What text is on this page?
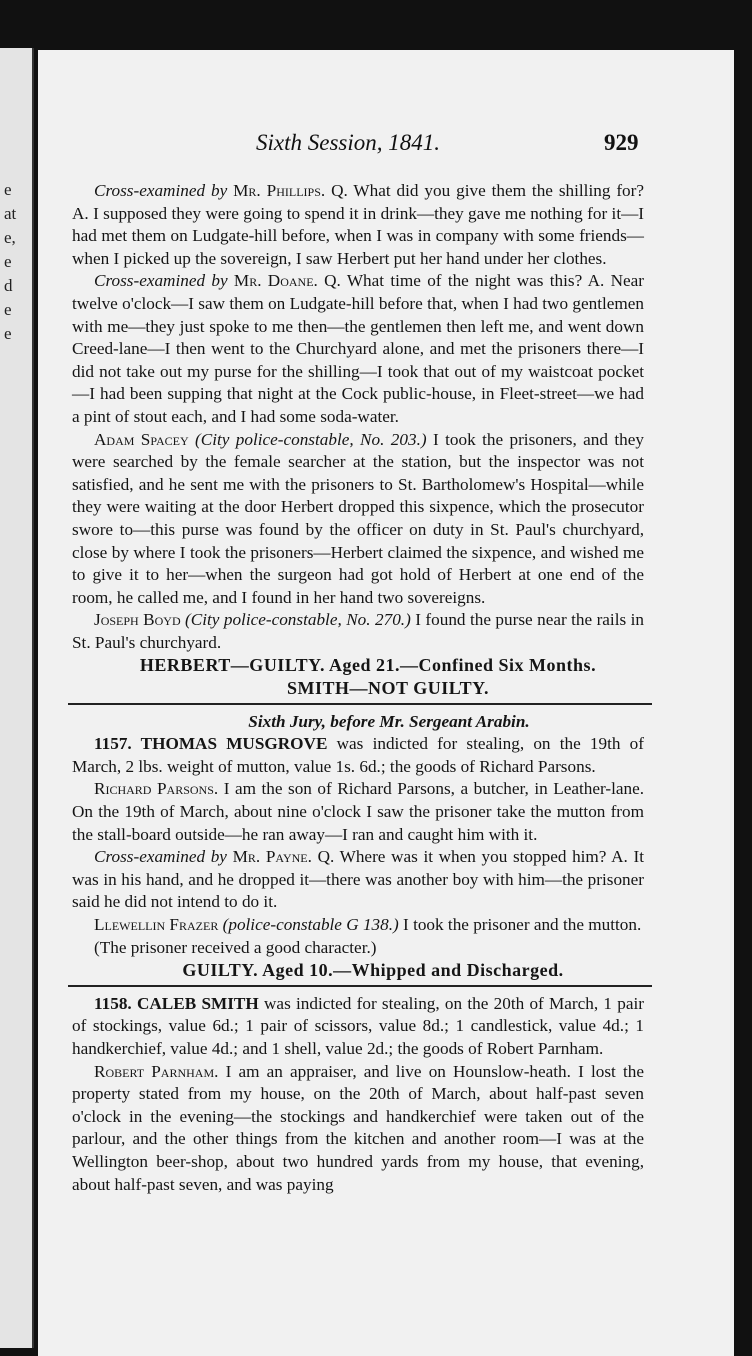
e
at
e,
e
d
e
e
Sixth Session, 1841.	929

Cross-examined by Mr. Phillips. Q. What did you give them the shilling for? A. I supposed they were going to spend it in drink—they gave me nothing for it—I had met them on Ludgate-hill before, when I was in company with some friends—when I picked up the sovereign, I saw Herbert put her hand under her clothes.

Cross-examined by Mr. Doane. Q. What time of the night was this? A. Near twelve o'clock—I saw them on Ludgate-hill before that, when I had two gentlemen with me—they just spoke to me then—the gentlemen then left me, and went down Creed-lane—I then went to the Churchyard alone, and met the prisoners there—I did not take out my purse for the shilling—I took that out of my waistcoat pocket—I had been supping that night at the Cock public-house, in Fleet-street—we had a pint of stout each, and I had some soda-water.

Adam Spacey (City police-constable, No. 203.) I took the prisoners, and they were searched by the female searcher at the station, but the inspector was not satisfied, and he sent me with the prisoners to St. Bartholomew's Hospital—while they were waiting at the door Herbert dropped this sixpence, which the prosecutor swore to—this purse was found by the officer on duty in St. Paul's churchyard, close by where I took the prisoners—Herbert claimed the sixpence, and wished me to give it to her—when the surgeon had got hold of Herbert at one end of the room, he called me, and I found in her hand two sovereigns.

Joseph Boyd (City police-constable, No. 270.) I found the purse near the rails in St. Paul's churchyard.

HERBERT—GUILTY. Aged 21.—Confined Six Months.

SMITH—NOT GUILTY.

Sixth Jury, before Mr. Sergeant Arabin.

1157. THOMAS MUSGROVE was indicted for stealing, on the 19th of March, 2 lbs. weight of mutton, value 1s. 6d.; the goods of Richard Parsons.

Richard Parsons. I am the son of Richard Parsons, a butcher, in Leather-lane. On the 19th of March, about nine o'clock I saw the prisoner take the mutton from the stall-board outside—he ran away—I ran and caught him with it.

Cross-examined by Mr. Payne. Q. Where was it when you stopped him? A. It was in his hand, and he dropped it—there was another boy with him—the prisoner said he did not intend to do it.

Llewellin Frazer (police-constable G 138.) I took the prisoner and the mutton.

(The prisoner received a good character.)

GUILTY. Aged 10.—Whipped and Discharged.

1158. CALEB SMITH was indicted for stealing, on the 20th of March, 1 pair of stockings, value 6d.; 1 pair of scissors, value 8d.; 1 candlestick, value 4d.; 1 handkerchief, value 4d.; and 1 shell, value 2d.; the goods of Robert Parnham.

Robert Parnham. I am an appraiser, and live on Hounslow-heath. I lost the property stated from my house, on the 20th of March, about half-past seven o'clock in the evening—the stockings and handkerchief were taken out of the parlour, and the other things from the kitchen and another room—I was at the Wellington beer-shop, about two hundred yards from my house, that evening, about half-past seven, and was paying
